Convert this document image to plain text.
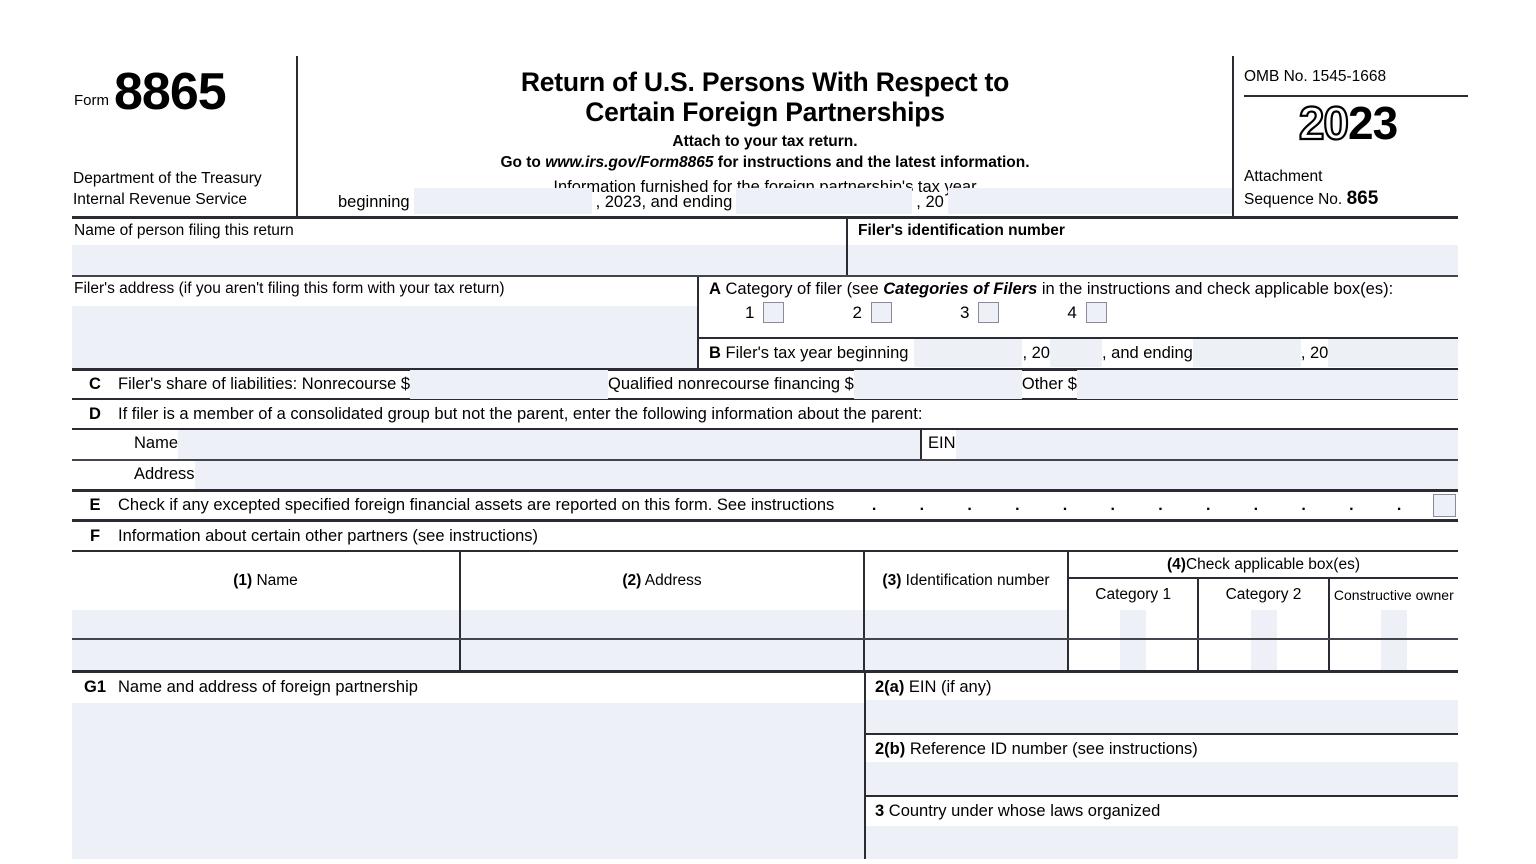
Form 8865
Department of the Treasury
Internal Revenue Service
Return of U.S. Persons With Respect to
Certain Foreign Partnerships
Attach to your tax return.
Go to www.irs.gov/Form8865 for instructions and the latest information.
Information furnished for tax
beginning	, 2023, and ending	, 20
OMB No. 1545-1668
2023
Attachment
Sequence No. 865
Name of person filing this return	Filer's identification number
Filer's address (if you aren't filing this form with your tax return)	A Category of filer (see Categories of Filers in the instructions and check applicable box(es):
1	2	3	4
B Filer's tax year beginning	, 20	, and ending	, 20
C	Filer's share of liabilities: Nonrecourse $	Qualified nonrecourse financing $	Other $
D	If filer is a member of a consolidated group but not the parent, enter the following information about the parent:
Name	EIN
Address
E	Check if any excepted specified foreign financial assets are reported on this form. See instructions .	.	.	.	.	.	.	.	.	.	.	.
F	Information about certain other partners (see instructions)
(1) Name	(2) Address	(3) Identification number
(4) Check applicable box(es)
Category 1	Category 2	Constructive owner
G1 Name and address of foreign partnership	2(a) EIN (if any)
2(b) Reference ID number (see instructions)
3 Country under whose laws organized
